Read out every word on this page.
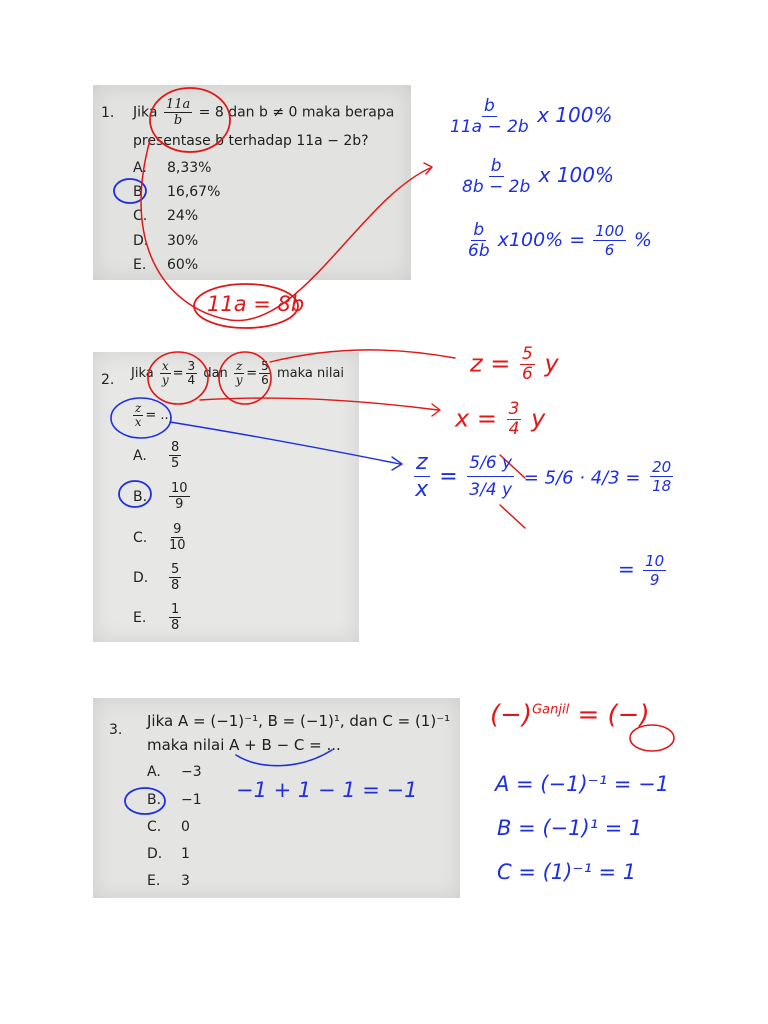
1. Jika $\frac{11a}{b} = 8$ dan b ≠ 0 maka berapa
presentase b terhadap 11a − 2b?
A. 8,33%
B. 16,67%
C. 24%
D. 30%
E. 60%
2. Jika $\frac{x}{y} = \frac{3}{4}$ dan $\frac{z}{y} = \frac{5}{6}$ maka nilai
$\frac{z}{x}$ = ...
A. $\frac{8}{5}$
B. $\frac{10}{9}$
C. $\frac{9}{10}$
D. $\frac{5}{8}$
E. $\frac{1}{8}$
3. Jika A = (−1)⁻¹, B = (−1)¹, dan C = (1)⁻¹
maka nilai A + B − C = ...
A. −3
B. −1
C. 0
D. 1
E. 3
$\frac{b}{11a - 2b}$ x 100%
$\frac{b}{8b - 2b}$ x 100%
$\frac{b}{6b} x100\% = \frac{100}{6}$ %
11a = 8b
$z = \frac{5}{6}$ y
$x = \frac{3}{4}$ y
$\frac{z}{x} = \frac{5/6 y}{3/4 y} = 5/6 \cdot 4/3 = \frac{20}{18}$
= $\frac{10}{9}$
−1 + 1 − 1 = −1
$(-)^{Ganjil}$ = (−)
A = (−1)⁻¹ = −1
B = (−1)¹ = 1
C = (1)⁻¹ = 1
